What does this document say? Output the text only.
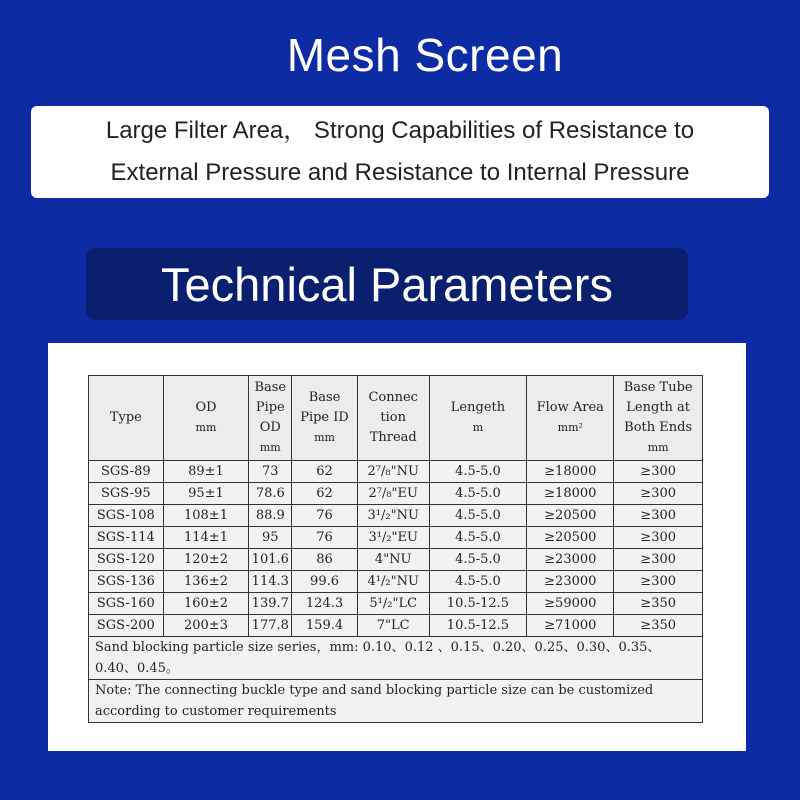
Mesh Screen
Large Filter Area， Strong Capabilities of Resistance to
External Pressure and Resistance to Internal Pressure
Technical Parameters
Type	OD
mm	Base Pipe OD
mm	Base Pipe ID
mm	Connec tion Thread	Lengeth
m	Flow Area
mm²	Base Tube Length at Both Ends
mm

SGS-89	89±1	73	62	2⁷/₈"NU	4.5-5.0	≥18000	≥300
SGS-95	95±1	78.6	62	2⁷/₈"EU	4.5-5.0	≥18000	≥300
SGS-108	108±1	88.9	76	3¹/₂"NU	4.5-5.0	≥20500	≥300
SGS-114	114±1	95	76	3¹/₂"EU	4.5-5.0	≥20500	≥300
SGS-120	120±2	101.6	86	4"NU	4.5-5.0	≥23000	≥300
SGS-136	136±2	114.3	99.6	4¹/₂"NU	4.5-5.0	≥23000	≥300
SGS-160	160±2	139.7	124.3	5¹/₂"LC	10.5-12.5	≥59000	≥350
SGS-200	200±3	177.8	159.4	7"LC	10.5-12.5	≥71000	≥350
Sand blocking particle size series，mm: 0.10、0.12 、0.15、0.20、0.25、0.30、0.35、0.40、0.45。							
Note: The connecting buckle type and sand blocking particle size can be customized according to customer requirements							
